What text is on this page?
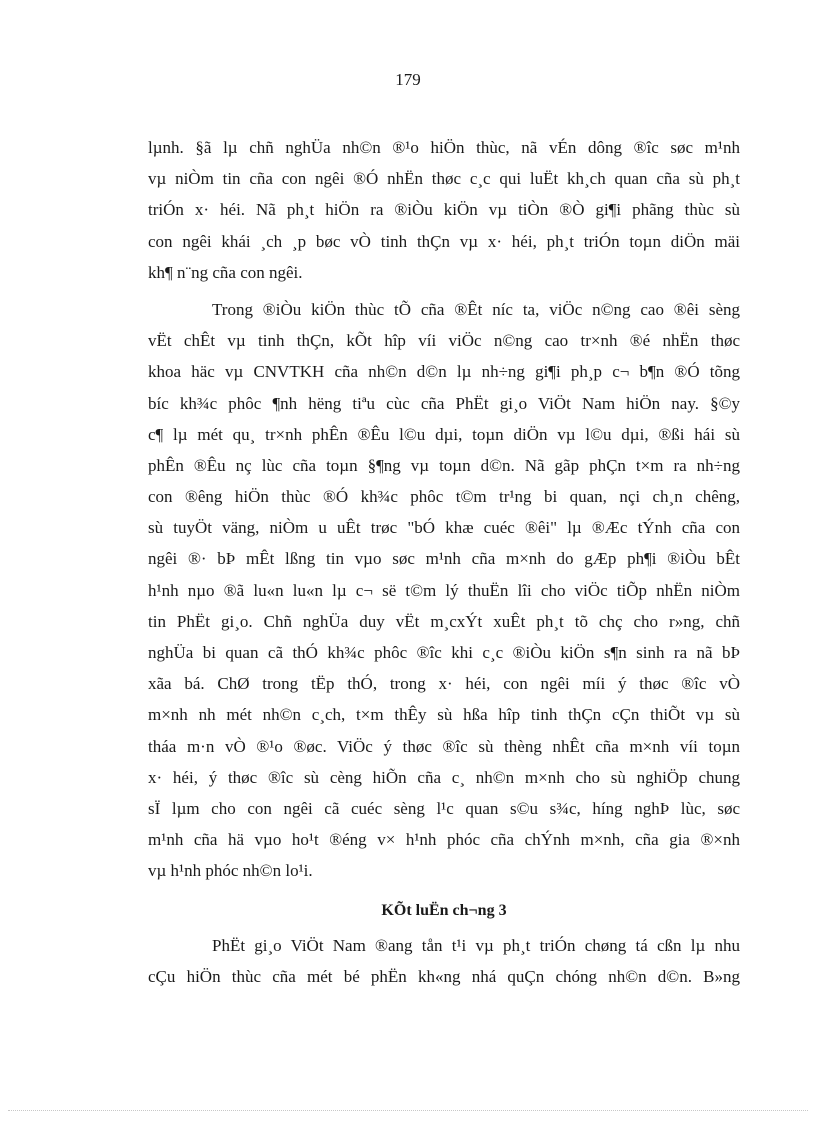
179
lµnh. §ã lµ chñ nghÜa nh©n ®¹o hiÖn thùc, nã vÉn dông ®îc søc m¹nh
vµ niÒm tin cña con ngêi ®Ó nhËn thøc c¸c qui luËt kh¸ch quan cña sù ph¸t
triÓn x· héi. Nã ph¸t hiÖn ra ®iÒu kiÖn vµ tiÒn ®Ò gi¶i phãng thùc sù
con ngêi khái ¸ch ¸p bøc vÒ tinh thÇn vµ x· héi, ph¸t triÓn toµn diÖn mäi
kh¶ n¨ng cña con ngêi.
Trong ®iÒu kiÖn thùc tÕ cña ®Êt níc ta, viÖc n©ng cao ®êi sèng
vËt chÊt vµ tinh thÇn, kÕt hîp víi viÖc n©ng cao tr×nh ®é nhËn thøc
khoa häc vµ CNVTKH cña nh©n d©n lµ nh÷ng gi¶i ph¸p c¬ b¶n ®Ó tõng
bíc kh¾c phôc ¶nh hëng tiªu cùc cña PhËt gi¸o ViÖt Nam hiÖn nay. §©y
c¶ lµ mét qu¸ tr×nh phÊn ®Êu l©u dµi, toµn diÖn vµ l©u dµi, ®ßi hái sù
phÊn ®Êu nç lùc cña toµn §¶ng vµ toµn d©n. Nã gãp phÇn t×m ra nh÷ng
con ®êng hiÖn thùc ®Ó kh¾c phôc t©m tr¹ng bi quan, nçi ch¸n chêng,
sù tuyÖt väng, niÒm u uÊt trøc "bÓ khæ cuéc ®êi" lµ ®Æc tÝnh cña con
ngêi ®· bÞ mÊt lßng tin vµo søc m¹nh cña m×nh do gÆp ph¶i ®iÒu bÊt
h¹nh nµo ®ã lu«n lu«n lµ c¬ së t©m lý thuËn lîi cho viÖc tiÕp nhËn niÒm
tin PhËt gi¸o. Chñ nghÜa duy vËt m¸cxÝt xuÊt ph¸t tõ chç cho r»ng, chñ
nghÜa bi quan cã thÓ kh¾c phôc ®îc khi c¸c ®iÒu kiÖn s¶n sinh ra nã bÞ
xãa bá. ChØ trong tËp thÓ, trong x· héi, con ngêi míi ý thøc ®îc vÒ
m×nh nh mét nh©n c¸ch, t×m thÊy sù hßa hîp tinh thÇn cÇn thiÕt vµ sù
tháa m·n vÒ ®¹o ®øc. ViÖc ý thøc ®îc sù thèng nhÊt cña m×nh víi toµn
x· héi, ý thøc ®îc sù cèng hiÕn cña c¸ nh©n m×nh cho sù nghiÖp chung
sÏ lµm cho con ngêi cã cuéc sèng l¹c quan s©u s¾c, híng nghÞ lùc, søc
m¹nh cña hä vµo ho¹t ®éng v× h¹nh phóc cña chÝnh m×nh, cña gia ®×nh
vµ h¹nh phóc nh©n lo¹i.
KÕt luËn ch¬ng 3
PhËt gi¸o ViÖt Nam ®ang tån t¹i vµ ph¸t triÓn chøng tá cßn lµ nhu
cÇu hiÖn thùc cña mét bé phËn kh«ng nhá quÇn chóng nh©n d©n. B»ng
